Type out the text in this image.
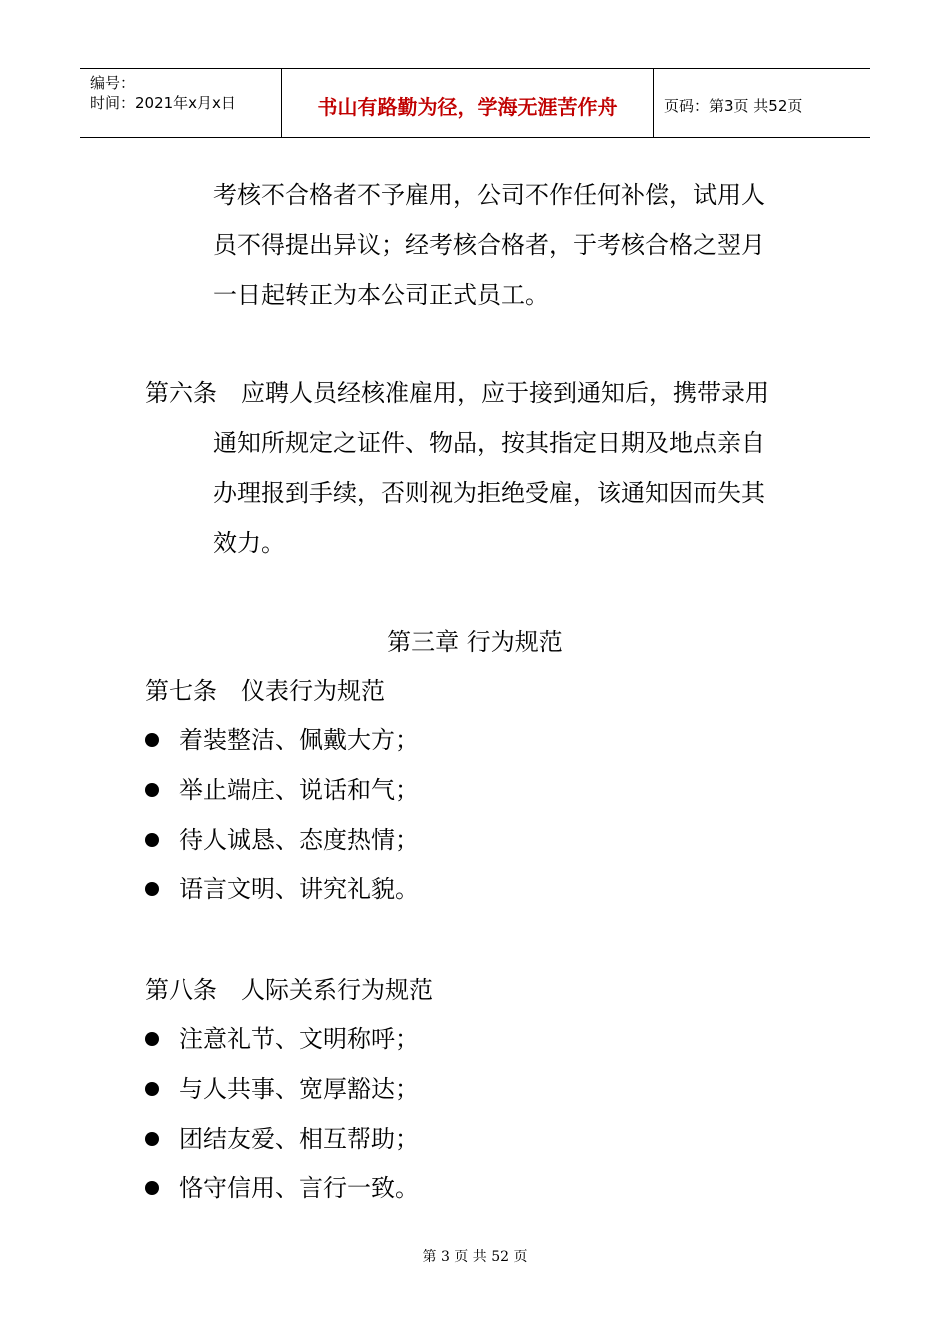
编号：
时间：2021年x月x日	书山有路勤为径，学海无涯苦作舟	页码：第3页 共52页
考核不合格者不予雇用，公司不作任何补偿，试用人
员不得提出异议；经考核合格者，于考核合格之翌月
一日起转正为本公司正式员工。
第六条　应聘人员经核准雇用，应于接到通知后，携带录用
通知所规定之证件、物品，按其指定日期及地点亲自
办理报到手续，否则视为拒绝受雇，该通知因而失其
效力。
第三章 行为规范
第七条　仪表行为规范
着装整洁、佩戴大方；
举止端庄、说话和气；
待人诚恳、态度热情；
语言文明、讲究礼貌。
第八条　人际关系行为规范
注意礼节、文明称呼；
与人共事、宽厚豁达；
团结友爱、相互帮助；
恪守信用、言行一致。
第 3 页 共 52 页
